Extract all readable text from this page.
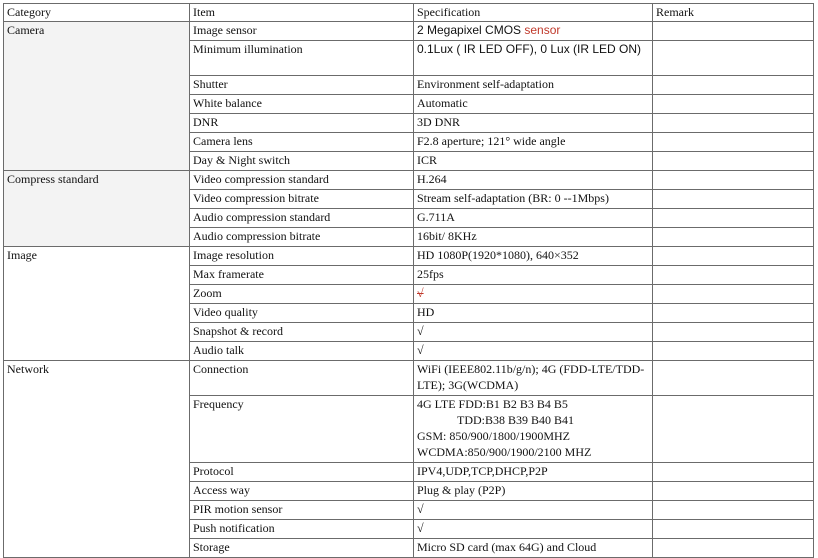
Category	Item	Specification	Remark
Camera	Image sensor	2 Megapixel CMOS sensor	
	Minimum illumination	0.1Lux ( IR LED OFF), 0 Lux (IR LED ON)	
	Shutter	Environment self-adaptation	
	White balance	Automatic	
	DNR	3D DNR	
	Camera lens	F2.8 aperture; 121° wide angle	
	Day & Night switch	ICR	
Compress standard	Video compression standard	H.264	
	Video compression bitrate	Stream self-adaptation (BR: 0 --1Mbps)	
	Audio compression standard	G.711A	
	Audio compression bitrate	16bit/ 8KHz	
Image	Image resolution	HD 1080P(1920*1080), 640×352	
	Max framerate	25fps	
	Zoom	√	
	Video quality	HD	
	Snapshot & record	√	
	Audio talk	√	
Network	Connection	WiFi (IEEE802.11b/g/n); 4G (FDD-LTE/TDD-LTE); 3G(WCDMA)	
	Frequency	4G LTE FDD:B1 B2 B3 B4 B5
TDD:B38 B39 B40 B41
GSM: 850/900/1800/1900MHZ
WCDMA:850/900/1900/2100 MHZ	

	Protocol	IPV4,UDP,TCP,DHCP,P2P	
	Access way	Plug & play (P2P)	
	PIR motion sensor	√	
	Push notification	√	
	Storage	Micro SD card (max 64G) and Cloud	
